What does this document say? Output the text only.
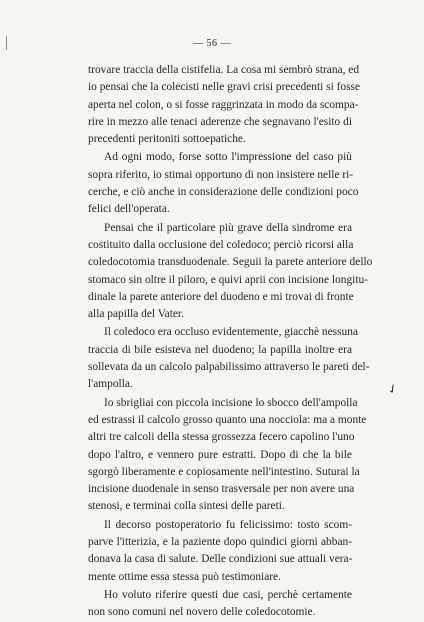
— 56 —

trovare traccia della cistifelia. La cosa mi sembrò strana, ed
io pensai che la colecisti nelle gravi crisi precedenti si fosse
aperta nel colon, o si fosse raggrinzata in modo da scompa-
rire in mezzo alle tenaci aderenze che segnavano l'esito di
precedenti peritoniti sottoepatiche.

Ad ogni modo, forse sotto l'impressione del caso più
sopra riferito, io stimai opportuno di non insistere nelle ri-
cerche, e ciò anche in considerazione delle condizioni poco
felici dell'operata.

Pensai che il particolare più grave della sindrome era
costituito dalla occlusione del coledoco; perciò ricorsi alla
coledocotomia transduodenale. Seguii la parete anteriore dello
stomaco sin oltre il piloro, e quivi aprii con incisione longitu-
dinale la parete anteriore del duodeno e mi trovai di fronte
alla papilla del Vater.

Il coledoco era occluso evidentemente, giacchè nessuna
traccia di bile esisteva nel duodeno; la papilla inoltre era
sollevata da un calcolo palpabilissimo attraverso le pareti del-
l'ampolla.

Io sbrigliai con piccola incisione lo sbocco dell'ampolla
ed estrassi il calcolo grosso quanto una nocciola: ma a monte
altri tre calcoli della stessa grossezza fecero capolino l'uno
dopo l'altro, e vennero pure estratti. Dopo di che la bile
sgorgò liberamente e copiosamente nell'intestino. Suturai la
incisione duodenale in senso trasversale per non avere una
stenosi, e terminai colla sintesi delle pareti.

Il decorso postoperatorio fu felicissimo: tosto scom-
parve l'itterizia, e la paziente dopo quindici giorni abban-
donava la casa di salute. Delle condizioni sue attuali vera-
mente ottime essa stessa può testimoniare.

Ho voluto riferire questi due casi, perchè certamente
non sono comuni nel novero delle coledocotomie.

✓
